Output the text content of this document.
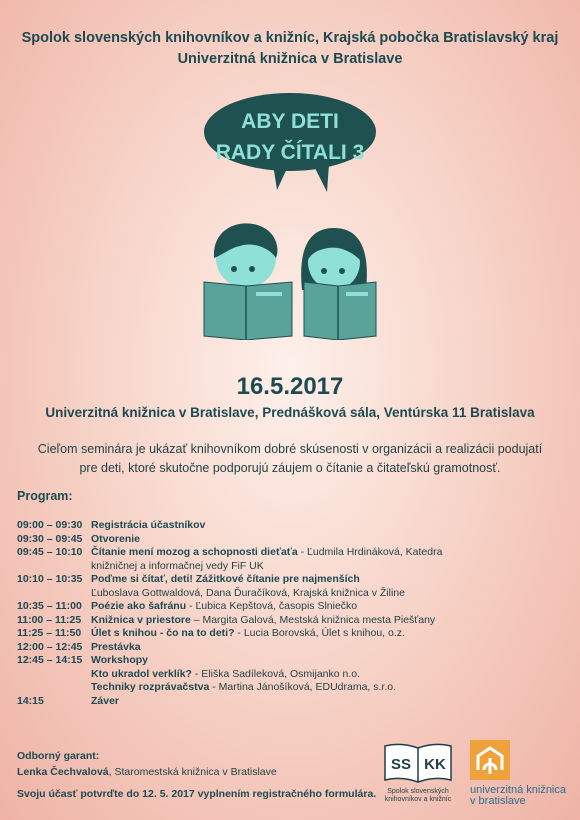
Spolok slovenských knihovníkov a knižníc, Krajská pobočka Bratislavský kraj
Univerzitná knižnica v Bratislave
ABY DETI
RADY ČÍTALI 3
16.5.2017
Univerzitná knižnica v Bratislave, Prednášková sála, Ventúrska 11 Bratislava
Cieľom seminára je ukázať knihovníkom dobré skúsenosti v organizácii a realizácii podujatí
pre deti, ktoré skutočne podporujú záujem o čítanie a čitateľskú gramotnosť.
Program:
09:00 – 09:30 Registrácia účastníkov
09:30 – 09:45 Otvorenie
09:45 – 10:10 Čítanie mení mozog a schopnosti dieťaťa - Ľudmila Hrdináková, Katedra
knižničnej a informačnej vedy FiF UK
10:10 – 10:35 Poďme si čítať, deti! Zážitkové čítanie pre najmenších
Ľuboslava Gottwaldová, Dana Ďuračíková, Krajská knižnica v Žiline
10:35 – 11:00 Poézie ako šafránu - Ľubica Kepštová, časopis Slniečko
11:00 – 11:25 Knižnica v priestore – Margita Galová, Mestská knižnica mesta Piešťany
11:25 – 11:50 Úlet s knihou - čo na to deti? - Lucia Borovská, Úlet s knihou, o.z.
12:00 – 12:45 Prestávka
12:45 – 14:15 Workshopy
Kto ukradol verklík? - Eliška Sadíleková, Osmijanko n.o.
Techniky rozprávačstva - Martina Jánošíková, EDUdrama, s.r.o.
14:15	Záver
Odborný garant:
Lenka Čechvalová, Staromestská knižnica v Bratislave
Svoju účasť potvrďte do 12. 5. 2017 vyplnením registračného formulára.
SS KK
Spolok slovenských
knihovníkov a knižníc
univerzitná knižnica
v bratislave
